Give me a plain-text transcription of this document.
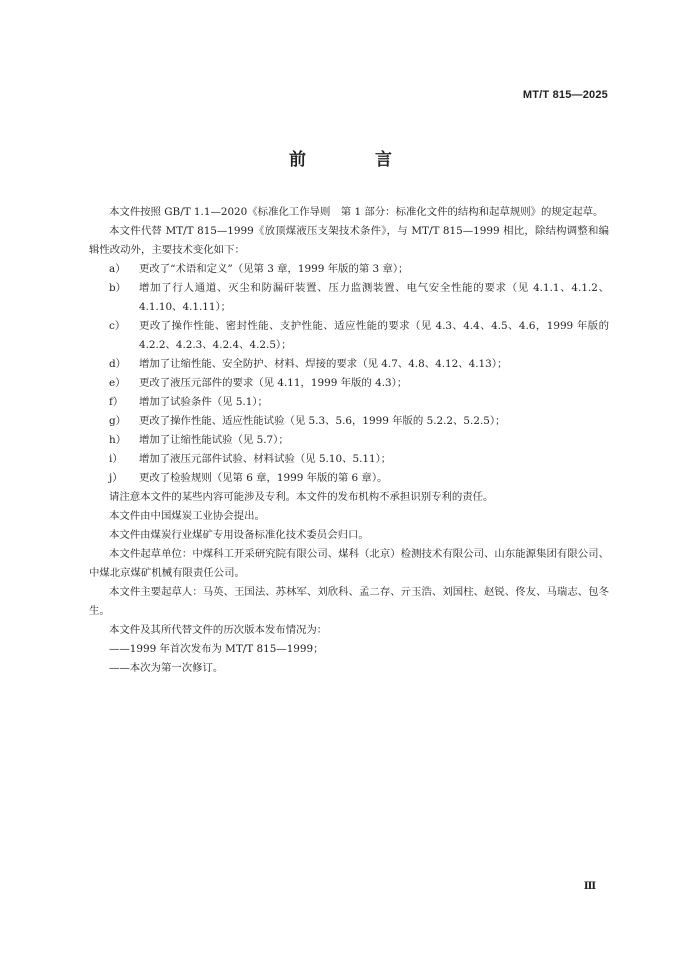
MT/T 815—2025
前　言

本文件按照 GB/T 1.1—2020《标准化工作导则　第 1 部分：标准化文件的结构和起草规则》的规定起草。

本文件代替 MT/T 815—1999《放顶煤液压支架技术条件》，与 MT/T 815—1999 相比，除结构调整和编辑性改动外，主要技术变化如下：

a）	更改了“术语和定义”（见第 3 章，1999 年版的第 3 章）；
b）	增加了行人通道、灭尘和防漏矸装置、压力监测装置、电气安全性能的要求（见 4.1.1、4.1.2、4.1.10、4.1.11）；
c）	更改了操作性能、密封性能、支护性能、适应性能的要求（见 4.3、4.4、4.5、4.6，1999 年版的 4.2.2、4.2.3、4.2.4、4.2.5）；
d）	增加了让缩性能、安全防护、材料、焊接的要求（见 4.7、4.8、4.12、4.13）；
e）	更改了液压元部件的要求（见 4.11，1999 年版的 4.3）；
f）	增加了试验条件（见 5.1）；
g）	更改了操作性能、适应性能试验（见 5.3、5.6，1999 年版的 5.2.2、5.2.5）；
h）	增加了让缩性能试验（见 5.7）；
i）	增加了液压元部件试验、材料试验（见 5.10、5.11）；
j）	更改了检验规则（见第 6 章，1999 年版的第 6 章）。

请注意本文件的某些内容可能涉及专利。本文件的发布机构不承担识别专利的责任。

本文件由中国煤炭工业协会提出。

本文件由煤炭行业煤矿专用设备标准化技术委员会归口。

本文件起草单位：中煤科工开采研究院有限公司、煤科（北京）检测技术有限公司、山东能源集团有限公司、中煤北京煤矿机械有限责任公司。

本文件主要起草人：马英、王国法、苏林军、刘欣科、孟二存、亓玉浩、刘国柱、赵锐、佟友、马瑞志、包冬生。

本文件及其所代替文件的历次版本发布情况为：

——1999 年首次发布为 MT/T 815—1999；

——本次为第一次修订。

Ⅲ
